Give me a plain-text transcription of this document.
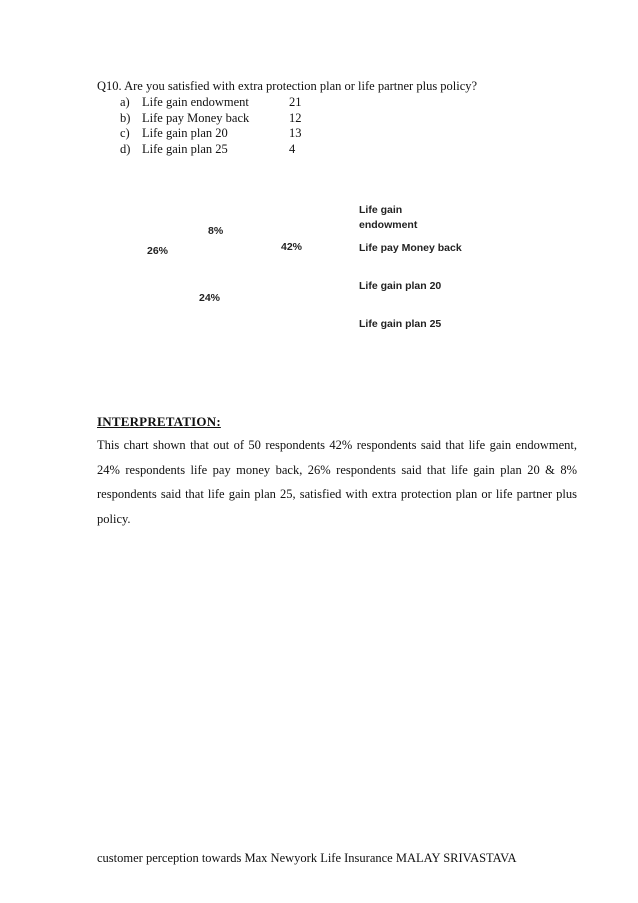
Q10. Are you satisfied with extra protection plan or life partner plus policy?
a) Life gain endowment	21
b) Life pay Money back	12
c) Life gain plan 20	13
d) Life gain plan 25	4
42%
24%
26%
8%
Life gain endowment
Life pay Money back
Life gain plan 20
Life gain plan 25
INTERPRETATION:
This chart shown that out of 50 respondents 42% respondents said that life gain endowment, 24% respondents life pay money back, 26% respondents said that life gain plan 20 & 8% respondents said that life gain plan 25, satisfied with extra protection plan or life partner plus policy.
customer perception towards Max Newyork Life Insurance MALAY SRIVASTAVA
